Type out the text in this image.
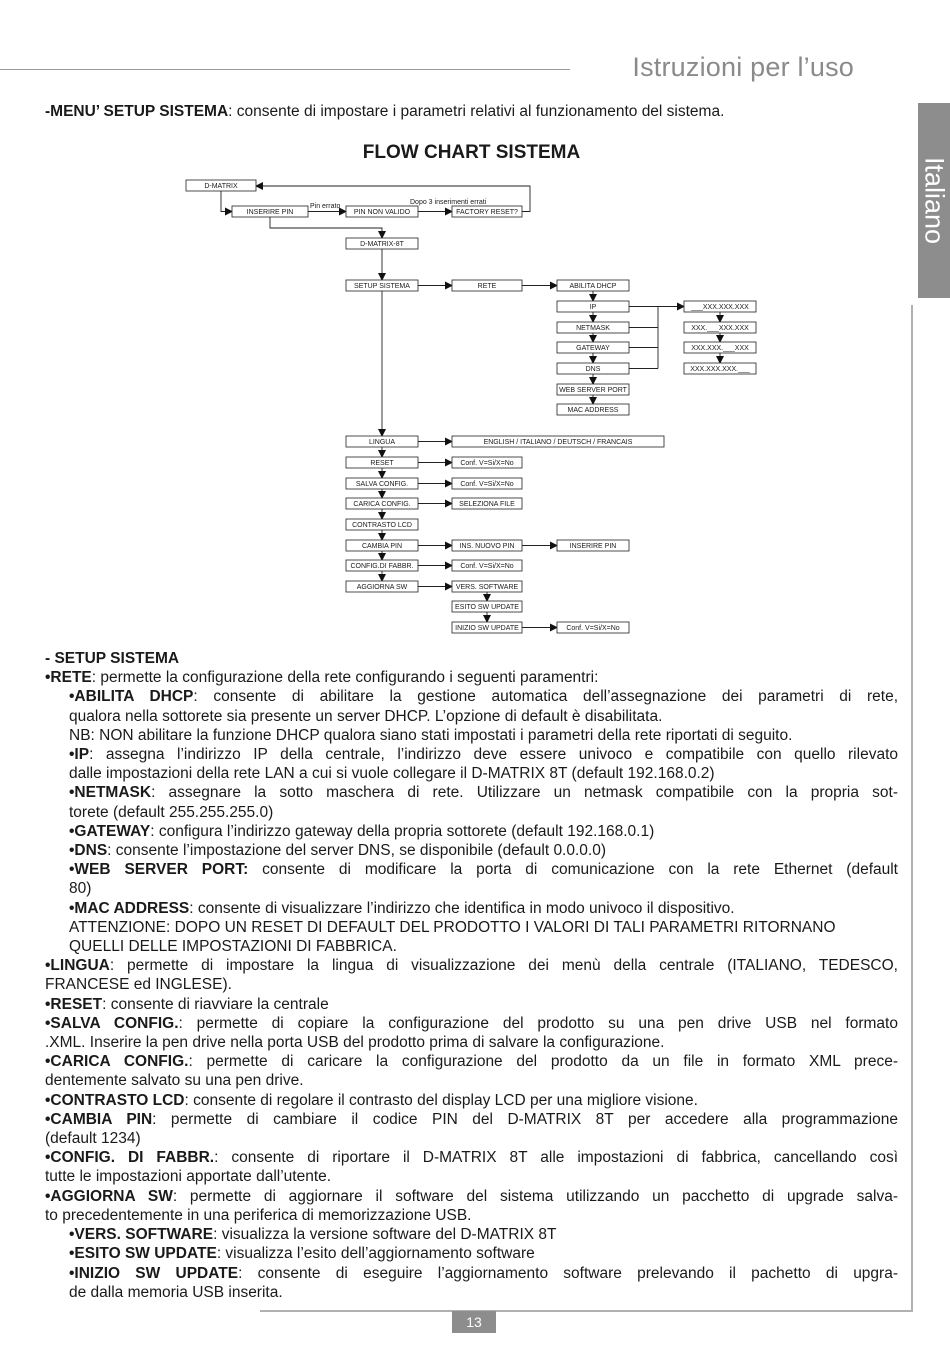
Istruzioni per l’uso
Italiano
13
-MENU’ SETUP SISTEMA: consente di impostare i parametri relativi al funzionamento del sistema.
FLOW CHART SISTEMA
D-MATRIX
INSERIRE PIN	PIN NON VALIDO	FACTORY RESET?
D-MATRIX-8T
SETUP SISTEMA	RETE	ABILITA DHCP
IP
NETMASK
GATEWAY
DNS
WEB SERVER PORT
MAC ADDRESS
___XXX.XXX.XXX
XXX.___XXX.XXX
XXX.XXX.___XXX
XXX.XXX.XXX.___
LINGUA	ENGLISH / ITALIANO / DEUTSCH / FRANCAIS
RESET	Conf. V=Si/X=No
SALVA CONFIG.	Conf. V=Si/X=No
CARICA CONFIG.	SELEZIONA FILE
CONTRASTO LCD
CAMBIA PIN	INS. NUOVO PIN	INSERIRE PIN
CONFIG.DI FABBR.	Conf. V=Si/X=No
AGGIORNA SW	VERS. SOFTWARE
ESITO SW UPDATE
INIZIO SW UPDATE	Conf. V=Si/X=No
Pin errato
Dopo 3 inserimenti errati
- SETUP SISTEMA
•RETE: permette la configurazione della rete configurando i seguenti paramentri:
•ABILITA DHCP: consente di abilitare la gestione automatica dell’assegnazione dei parametri di rete,
qualora nella sottorete sia presente un server DHCP. L’opzione di default è disabilitata.
NB: NON abilitare la funzione DHCP qualora siano stati impostati i parametri della rete riportati di seguito.
•IP: assegna l’indirizzo IP della centrale, l’indirizzo deve essere univoco e compatibile con quello rilevato
dalle impostazioni della rete LAN a cui si vuole collegare il D-MATRIX 8T (default 192.168.0.2)
•NETMASK: assegnare la sotto maschera di rete. Utilizzare un netmask compatibile con la propria sot-
torete (default 255.255.255.0)
•GATEWAY: configura l’indirizzo gateway della propria sottorete (default 192.168.0.1)
•DNS: consente l’impostazione del server DNS, se disponibile (default 0.0.0.0)
•WEB SERVER PORT: consente di modificare la porta di comunicazione con la rete Ethernet (default
80)
•MAC ADDRESS: consente di visualizzare l’indirizzo che identifica in modo univoco il dispositivo.
ATTENZIONE: DOPO UN RESET DI DEFAULT DEL PRODOTTO I VALORI DI TALI PARAMETRI RITORNANO
QUELLI DELLE IMPOSTAZIONI DI FABBRICA.
•LINGUA: permette di impostare la lingua di visualizzazione dei menù della centrale (ITALIANO, TEDESCO,
FRANCESE ed INGLESE).
•RESET: consente di riavviare la centrale
•SALVA CONFIG.: permette di copiare la configurazione del prodotto su una pen drive USB nel formato
.XML. Inserire la pen drive nella porta USB del prodotto prima di salvare la configurazione.
•CARICA CONFIG.: permette di caricare la configurazione del prodotto da un file in formato XML prece-
dentemente salvato su una pen drive.
•CONTRASTO LCD: consente di regolare il contrasto del display LCD per una migliore visione.
•CAMBIA PIN: permette di cambiare il codice PIN del D-MATRIX 8T per accedere alla programmazione
(default 1234)
•CONFIG. DI FABBR.: consente di riportare il D-MATRIX 8T alle impostazioni di fabbrica, cancellando così
tutte le impostazioni apportate dall’utente.
•AGGIORNA SW: permette di aggiornare il software del sistema utilizzando un pacchetto di upgrade salva-
to precedentemente in una periferica di memorizzazione USB.
•VERS. SOFTWARE: visualizza la versione software del D-MATRIX 8T
•ESITO SW UPDATE: visualizza l’esito dell’aggiornamento software
•INIZIO SW UPDATE: consente di eseguire l’aggiornamento software prelevando il pachetto di upgra-
de dalla memoria USB inserita.
